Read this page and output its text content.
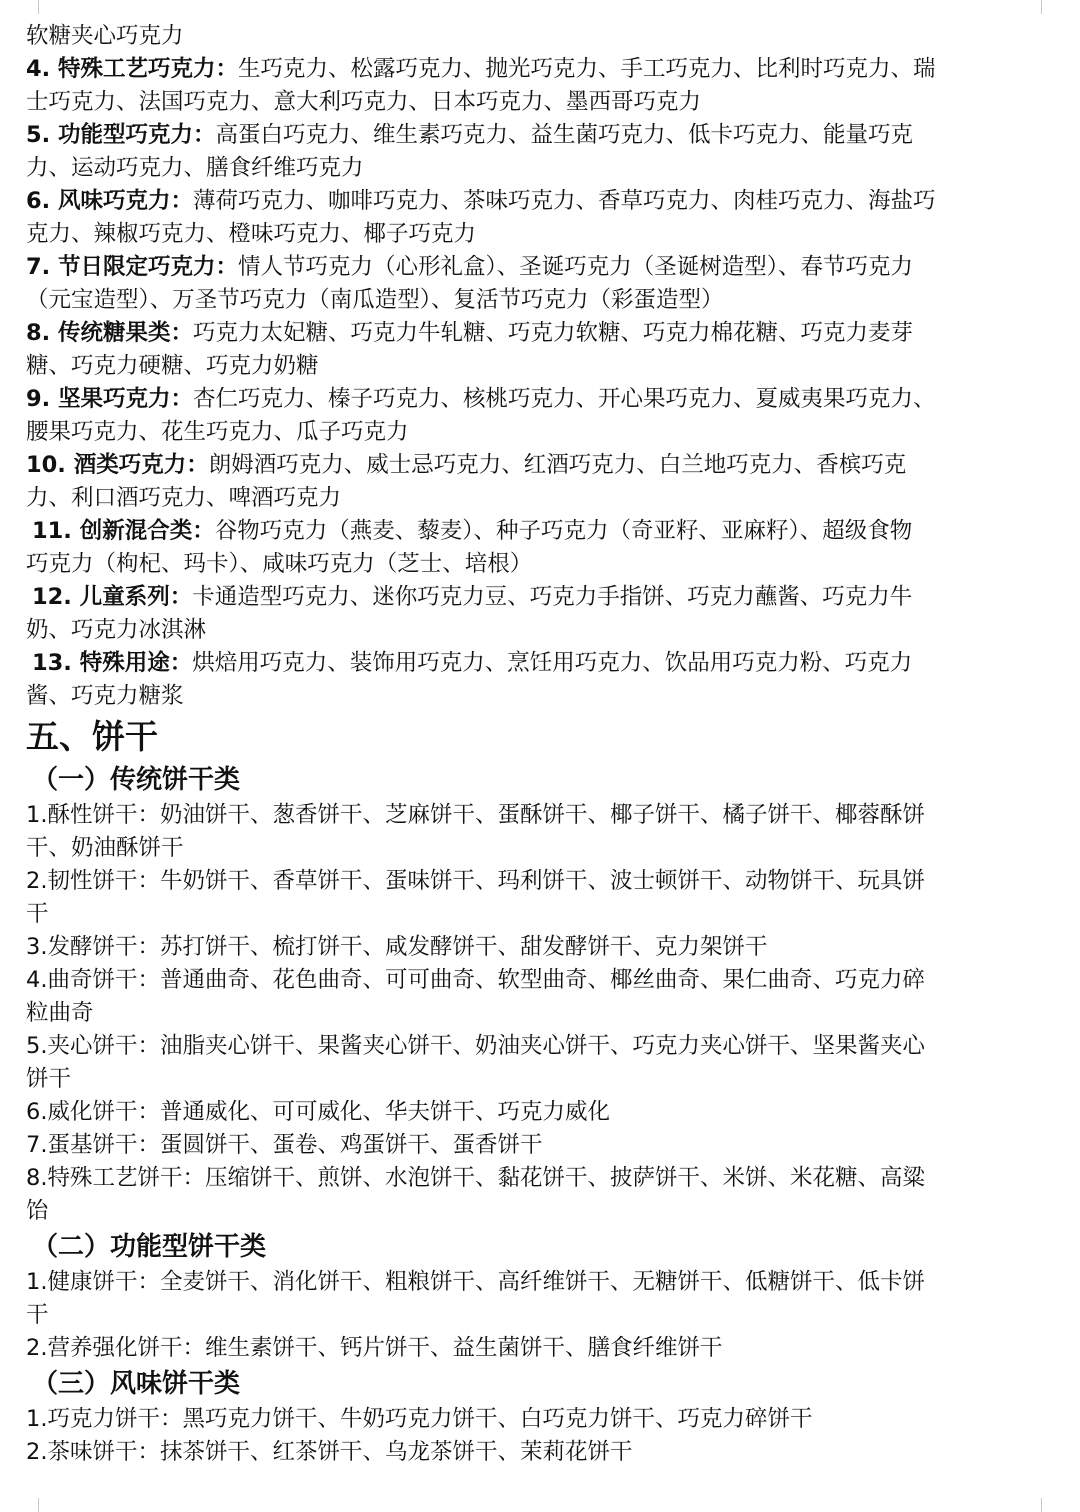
软糖夹心巧克力
4. 特殊工艺巧克力：生巧克力、松露巧克力、抛光巧克力、手工巧克力、比利时巧克力、瑞
士巧克力、法国巧克力、意大利巧克力、日本巧克力、墨西哥巧克力
5. 功能型巧克力：高蛋白巧克力、维生素巧克力、益生菌巧克力、低卡巧克力、能量巧克
力、运动巧克力、膳食纤维巧克力
6. 风味巧克力：薄荷巧克力、咖啡巧克力、茶味巧克力、香草巧克力、肉桂巧克力、海盐巧
克力、辣椒巧克力、橙味巧克力、椰子巧克力
7. 节日限定巧克力：情人节巧克力（心形礼盒）、圣诞巧克力（圣诞树造型）、春节巧克力
（元宝造型）、万圣节巧克力（南瓜造型）、复活节巧克力（彩蛋造型）
8. 传统糖果类：巧克力太妃糖、巧克力牛轧糖、巧克力软糖、巧克力棉花糖、巧克力麦芽
糖、巧克力硬糖、巧克力奶糖
9. 坚果巧克力：杏仁巧克力、榛子巧克力、核桃巧克力、开心果巧克力、夏威夷果巧克力、
腰果巧克力、花生巧克力、瓜子巧克力
10. 酒类巧克力：朗姆酒巧克力、威士忌巧克力、红酒巧克力、白兰地巧克力、香槟巧克
力、利口酒巧克力、啤酒巧克力
11. 创新混合类：谷物巧克力（燕麦、藜麦）、种子巧克力（奇亚籽、亚麻籽）、超级食物
巧克力（枸杞、玛卡）、咸味巧克力（芝士、培根）
12. 儿童系列：卡通造型巧克力、迷你巧克力豆、巧克力手指饼、巧克力蘸酱、巧克力牛
奶、巧克力冰淇淋
13. 特殊用途：烘焙用巧克力、装饰用巧克力、烹饪用巧克力、饮品用巧克力粉、巧克力
酱、巧克力糖浆
五、饼干
（一）传统饼干类
1.酥性饼干：奶油饼干、葱香饼干、芝麻饼干、蛋酥饼干、椰子饼干、橘子饼干、椰蓉酥饼
干、奶油酥饼干
2.韧性饼干：牛奶饼干、香草饼干、蛋味饼干、玛利饼干、波士顿饼干、动物饼干、玩具饼
干
3.发酵饼干：苏打饼干、梳打饼干、咸发酵饼干、甜发酵饼干、克力架饼干
4.曲奇饼干：普通曲奇、花色曲奇、可可曲奇、软型曲奇、椰丝曲奇、果仁曲奇、巧克力碎
粒曲奇
5.夹心饼干：油脂夹心饼干、果酱夹心饼干、奶油夹心饼干、巧克力夹心饼干、坚果酱夹心
饼干
6.威化饼干：普通威化、可可威化、华夫饼干、巧克力威化
7.蛋基饼干：蛋圆饼干、蛋卷、鸡蛋饼干、蛋香饼干
8.特殊工艺饼干：压缩饼干、煎饼、水泡饼干、黏花饼干、披萨饼干、米饼、米花糖、高粱
饴
（二）功能型饼干类
1.健康饼干：全麦饼干、消化饼干、粗粮饼干、高纤维饼干、无糖饼干、低糖饼干、低卡饼
干
2.营养强化饼干：维生素饼干、钙片饼干、益生菌饼干、膳食纤维饼干
（三）风味饼干类
1.巧克力饼干：黑巧克力饼干、牛奶巧克力饼干、白巧克力饼干、巧克力碎饼干
2.茶味饼干：抹茶饼干、红茶饼干、乌龙茶饼干、茉莉花饼干
